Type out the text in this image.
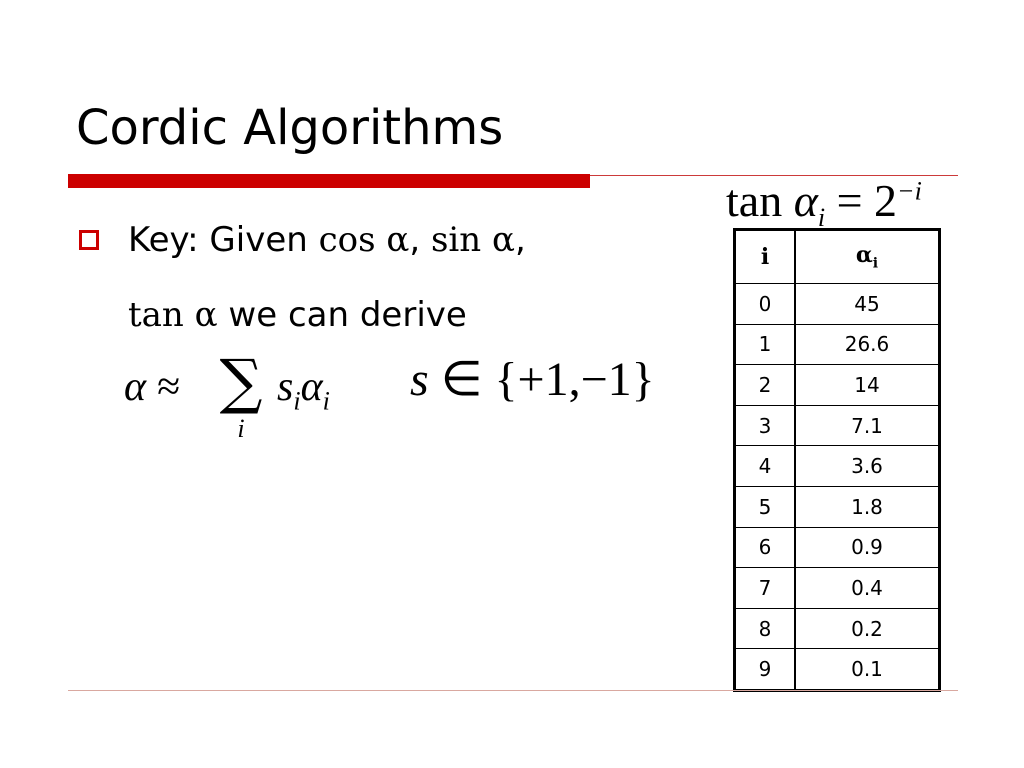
Cordic Algorithms
Key: Given cos α, sin α,
tan α we can derive
α ≈ ∑
i
$s_i\alpha_i$ s ∈ {+1,−1}
$\tan \alpha_i = 2^{-i}$
i	$\alpha_i$
0	45
1	26.6
2	14
3	7.1
4	3.6
5	1.8
6	0.9
7	0.4
8	0.2
9	0.1
